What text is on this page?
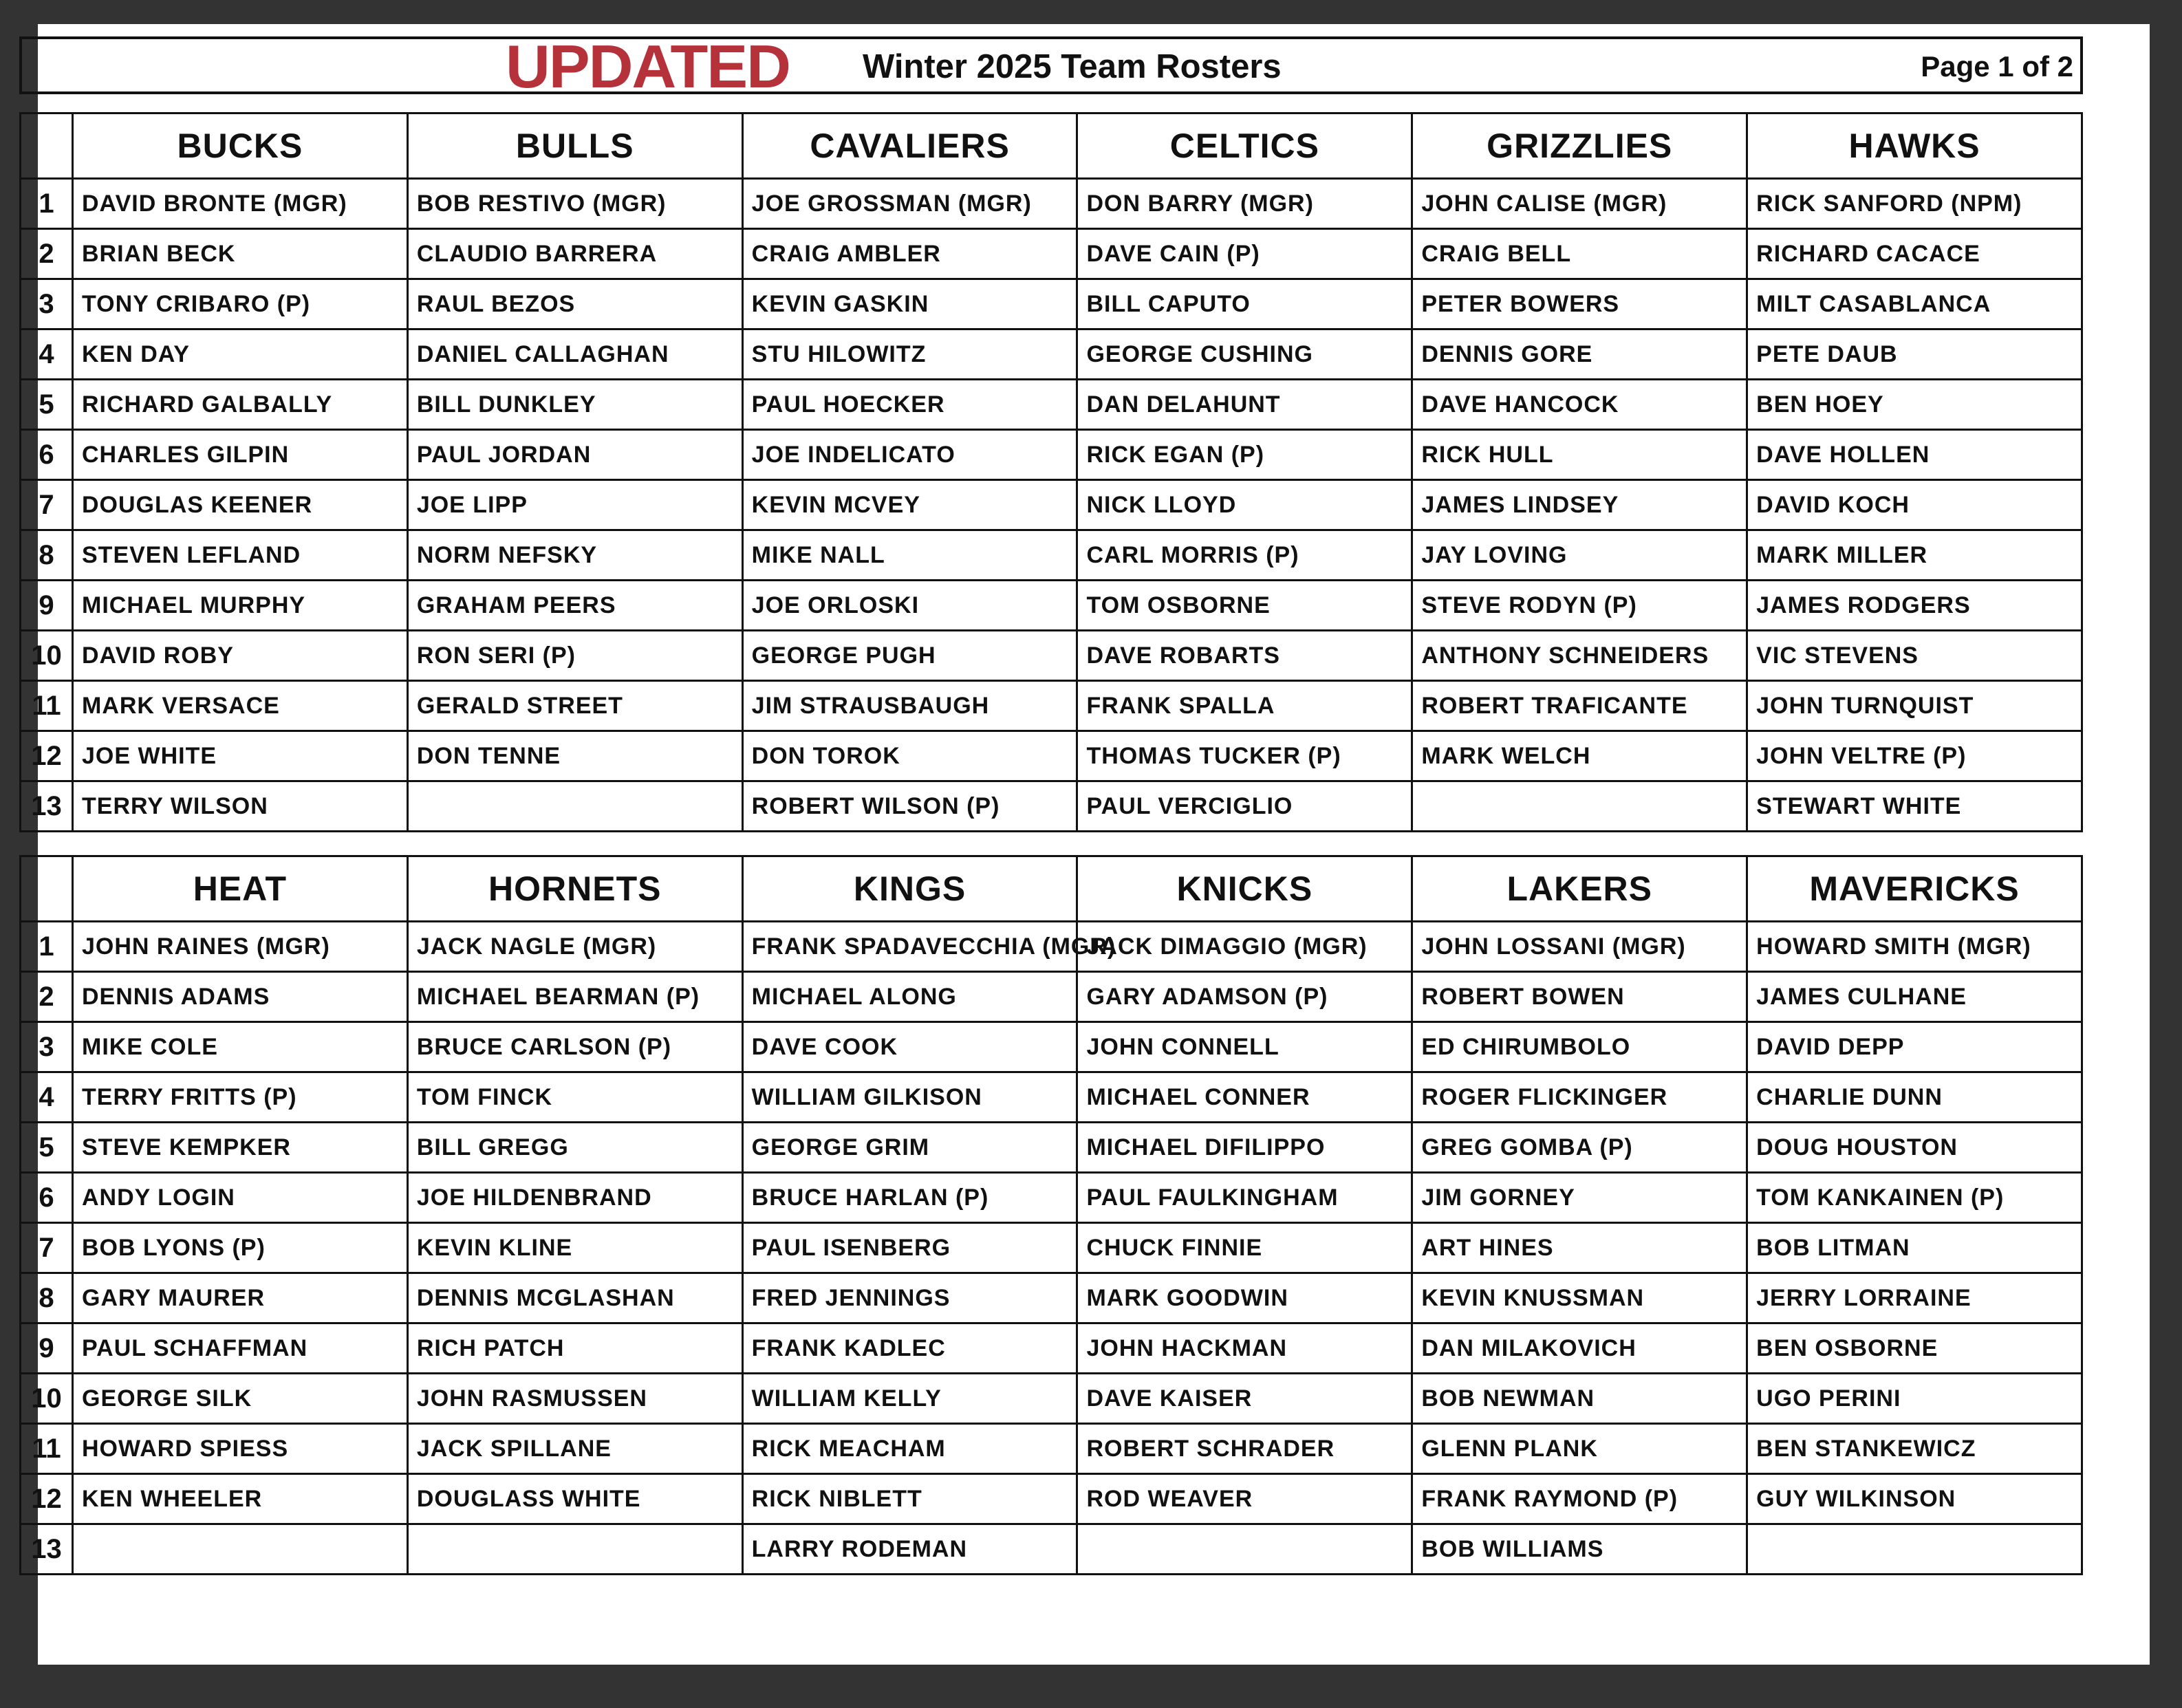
UPDATED Winter 2025 Team Rosters	Page 1 of 2
	BUCKS	BULLS	CAVALIERS	CELTICS	GRIZZLIES	HAWKS
1	DAVID BRONTE (MGR)	BOB RESTIVO (MGR)	JOE GROSSMAN (MGR)	DON BARRY (MGR)	JOHN CALISE (MGR)	RICK SANFORD (NPM)
2	BRIAN BECK	CLAUDIO BARRERA	CRAIG AMBLER	DAVE CAIN (P)	CRAIG BELL	RICHARD CACACE
3	TONY CRIBARO (P)	RAUL BEZOS	KEVIN GASKIN	BILL CAPUTO	PETER BOWERS	MILT CASABLANCA
4	KEN DAY	DANIEL CALLAGHAN	STU HILOWITZ	GEORGE CUSHING	DENNIS GORE	PETE DAUB
5	RICHARD GALBALLY	BILL DUNKLEY	PAUL HOECKER	DAN DELAHUNT	DAVE HANCOCK	BEN HOEY
6	CHARLES GILPIN	PAUL JORDAN	JOE INDELICATO	RICK EGAN (P)	RICK HULL	DAVE HOLLEN
7	DOUGLAS KEENER	JOE LIPP	KEVIN MCVEY	NICK LLOYD	JAMES LINDSEY	DAVID KOCH
8	STEVEN LEFLAND	NORM NEFSKY	MIKE NALL	CARL MORRIS (P)	JAY LOVING	MARK MILLER
9	MICHAEL MURPHY	GRAHAM PEERS	JOE ORLOSKI	TOM OSBORNE	STEVE RODYN (P)	JAMES RODGERS
10	DAVID ROBY	RON SERI (P)	GEORGE PUGH	DAVE ROBARTS	ANTHONY SCHNEIDERS	VIC STEVENS
11	MARK VERSACE	GERALD STREET	JIM STRAUSBAUGH	FRANK SPALLA	ROBERT TRAFICANTE	JOHN TURNQUIST
12	JOE WHITE	DON TENNE	DON TOROK	THOMAS TUCKER (P)	MARK WELCH	JOHN VELTRE (P)
13	TERRY WILSON		ROBERT WILSON (P)	PAUL VERCIGLIO		STEWART WHITE
	HEAT	HORNETS	KINGS	KNICKS	LAKERS	MAVERICKS
1	JOHN RAINES (MGR)	JACK NAGLE (MGR)	FRANK SPADAVECCHIA (MGR)	JACK DIMAGGIO (MGR)	JOHN LOSSANI (MGR)	HOWARD SMITH (MGR)
2	DENNIS ADAMS	MICHAEL BEARMAN (P)	MICHAEL ALONG	GARY ADAMSON (P)	ROBERT BOWEN	JAMES CULHANE
3	MIKE COLE	BRUCE CARLSON (P)	DAVE COOK	JOHN CONNELL	ED CHIRUMBOLO	DAVID DEPP
4	TERRY FRITTS (P)	TOM FINCK	WILLIAM GILKISON	MICHAEL CONNER	ROGER FLICKINGER	CHARLIE DUNN
5	STEVE KEMPKER	BILL GREGG	GEORGE GRIM	MICHAEL DIFILIPPO	GREG GOMBA (P)	DOUG HOUSTON
6	ANDY LOGIN	JOE HILDENBRAND	BRUCE HARLAN (P)	PAUL FAULKINGHAM	JIM GORNEY	TOM KANKAINEN (P)
7	BOB LYONS (P)	KEVIN KLINE	PAUL ISENBERG	CHUCK FINNIE	ART HINES	BOB LITMAN
8	GARY MAURER	DENNIS MCGLASHAN	FRED JENNINGS	MARK GOODWIN	KEVIN KNUSSMAN	JERRY LORRAINE
9	PAUL SCHAFFMAN	RICH PATCH	FRANK KADLEC	JOHN HACKMAN	DAN MILAKOVICH	BEN OSBORNE
10	GEORGE SILK	JOHN RASMUSSEN	WILLIAM KELLY	DAVE KAISER	BOB NEWMAN	UGO PERINI
11	HOWARD SPIESS	JACK SPILLANE	RICK MEACHAM	ROBERT SCHRADER	GLENN PLANK	BEN STANKEWICZ
12	KEN WHEELER	DOUGLASS WHITE	RICK NIBLETT	ROD WEAVER	FRANK RAYMOND (P)	GUY WILKINSON
13			LARRY RODEMAN		BOB WILLIAMS	
